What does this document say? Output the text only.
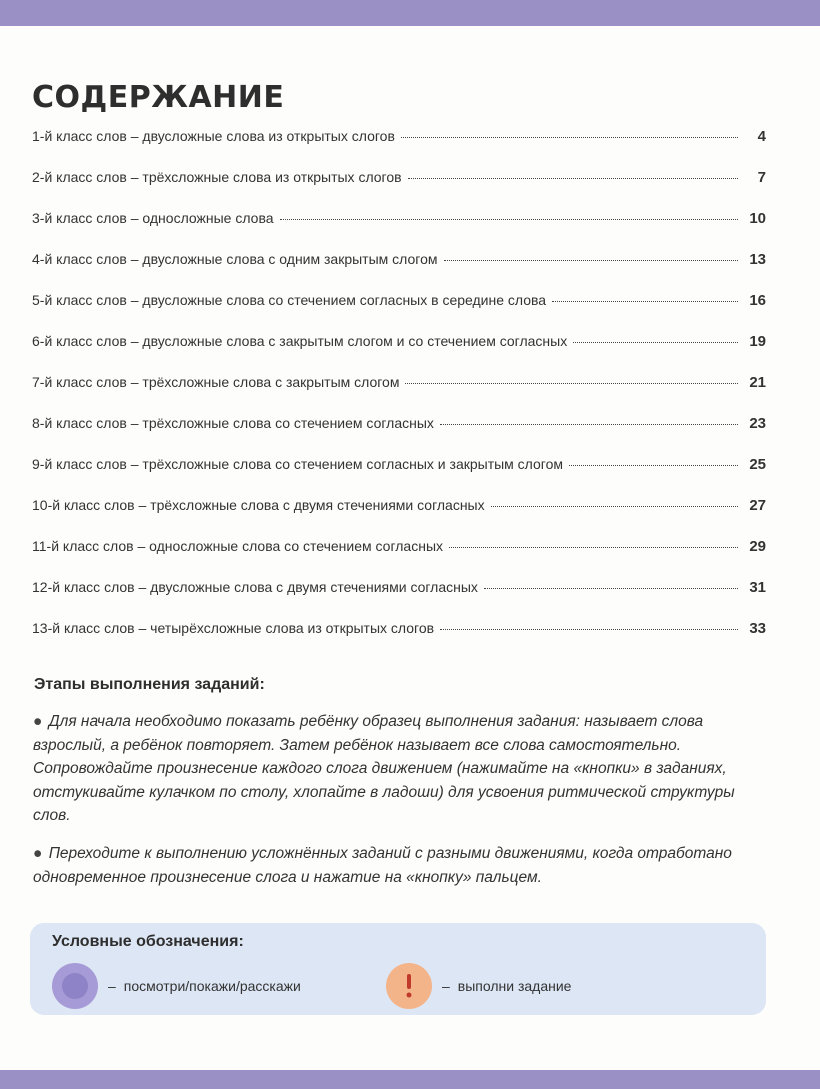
СОДЕРЖАНИЕ
1-й класс слов – двусложные слова из открытых слогов	4
2-й класс слов – трёхсложные слова из открытых слогов	7
3-й класс слов – односложные слова	10
4-й класс слов – двусложные слова с одним закрытым слогом	13
5-й класс слов – двусложные слова со стечением согласных в середине слова	16
6-й класс слов – двусложные слова с закрытым слогом и со стечением согласных	19
7-й класс слов – трёхсложные слова с закрытым слогом	21
8-й класс слов – трёхсложные слова со стечением согласных	23
9-й класс слов – трёхсложные слова со стечением согласных и закрытым слогом	25
10-й класс слов – трёхсложные слова с двумя стечениями согласных	27
11-й класс слов – односложные слова со стечением согласных	29
12-й класс слов – двусложные слова с двумя стечениями согласных	31
13-й класс слов – четырёхсложные слова из открытых слогов	33
Этапы выполнения заданий:

● Для начала необходимо показать ребёнку образец выполнения задания: называет слова взрослый, а ребёнок повторяет. Затем ребёнок называет все слова самостоятельно. Сопровождайте произнесение каждого слога движением (нажимайте на «кнопки» в заданиях, отстукивайте кулачком по столу, хлопайте в ладоши) для усвоения ритмической структуры слов.

● Переходите к выполнению усложнённых заданий с разными движениями, когда отработано одновременное произнесение слога и нажатие на «кнопку» пальцем.

Условные обозначения:
– посмотри/покажи/расскажи	– выполни задание
